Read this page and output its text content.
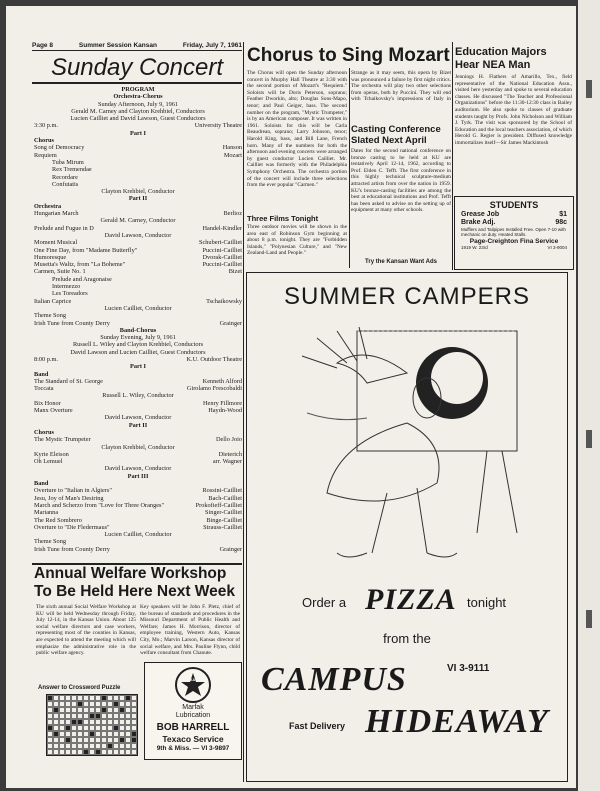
Page 8	Summer Session Kansan	Friday, July 7, 1961
Sunday Concert
PROGRAM
Orchestra-Chorus
Sunday Afternoon, July 9, 1961
Gerald M. Carney and Clayton Krehbiel, Conductors
Lucien Cailliet and David Lawson, Guest Conductors
3:30 p.m.	University Theatre
Part I
Chorus
Song of Democracy	Hanson
Requiem	Mozart
Tuba Mirum
Rex Tremendae
Recordare
Confutatis
Clayton Krehbiel, Conductor
Part II
Orchestra
Hungarian March	Berlioz
Gerald M. Carney, Conductor
Prelude and Fugue in D	Handel-Kindler
David Lawson, Conductor
Moment Musical	Schubert-Cailliet
One Fine Day, from "Madame Butterfly"	Puccini-Cailliet
Humoresque	Dvorak-Cailliet
Musetta's Waltz, from "La Boheme"	Puccini-Cailliet
Carmen, Suite No. 1	Bizet
Prelude and Aragonaise
Intermezzo
Les Toreadors
Italian Caprice	Tschaikowsky
Lucien Cailliet, Conductor
Theme Song
Irish Tune from County Derry	Grainger
Band-Chorus
Sunday Evening, July 9, 1961
Russell L. Wiley and Clayton Krehbiel, Conductors
David Lawson and Lucien Cailliet, Guest Conductors
8:00 p.m.	K.U. Outdoor Theatre
Part I
Band
The Standard of St. George	Kenneth Alford
Toccata	Girolamo Frescobaldi
Russell L. Wiley, Conductor
Bix Honor	Henry Fillmore
Manx Overture	Haydn-Wood
David Lawson, Conductor
Part II
Chorus
The Mystic Trumpeter	Dello Joio
Clayton Krehbiel, Conductor
Kyrie Eleison	Dieterich
Oh Lemuel	arr. Wagner
David Lawson, Conductor
Part III
Band
Overture to "Italian in Algiers"	Rossini-Cailliet
Jesu, Joy of Man's Desiring	Bach-Cailliet
March and Scherzo from "Love for Three Oranges"	Prokofieff-Cailliet
Marianna	Singer-Cailliet
The Red Sombrero	Binge-Cailliet
Overture to "Die Fledermaus"	Strauss-Cailliet
Lucien Cailliet, Conductor
Theme Song
Irish Tune from County Derry	Grainger
Annual Welfare Workshop
To Be Held Here Next Week
The sixth annual Social Welfare Workshop at KU will be held Wednesday through Friday, July 12-14, in the Kansas Union. About 125 social welfare directors and case workers, representing most of the counties in Kansas, are expected to attend the meeting which will emphasize the administrative role in the public welfare agency.
Key speakers will be John F. Pletz, chief of the bureau of standards and procedures in the Missouri Department of Public Health and Welfare; James H. Morrison, director of employee training, Western Auto, Kansas City, Mo.; Marvin Larson, Kansas director of social welfare, and Mrs. Pauline Flynn, child welfare consultant from Chanute.
Answer to Crossword Puzzle
TEXACO
Marfak
Lubrication
BOB HARRELL
Texaco Service
9th & Miss. — VI 3-9897
Chorus to Sing Mozart
The Chorus will open the Sunday afternoon concert in Murphy Hall Theatre at 3:30 with the second portion of Mozart's "Requiem." Soloists will be Doris Peterson, soprano; Feather Dworkin, alto; Douglas Sons-Mapo, tenor; and Paul Geiger, bass. The second number on the program, "Mystic Trumpeter," is by an American composer. It was written in 1961. Soloists for this will be Carla Beaudrean, soprano; Larry Johnson, tenor; Harold King, bass, and Bill Lane, French horn. Many of the numbers for both the afternoon and evening concerts were arranged by guest conductor Lucien Cailliet. Mr. Cailliet was formerly with the Philadelphia Symphony Orchestra. The orchestra portion of the concert will include three selections from the ever popular "Carmen."
Strange as it may seem, this opera by Bizet was pronounced a failure by first night critics. The orchestra will play two other selections from operas, both by Puccini. They will end with Tchaikovsky's impressions of Italy in
Casting Conference Slated Next April
Dates for the second national conference on bronze casting to be held at KU are tentatively April 12-14, 1962, according to Prof. Elden C. Tefft. The first conference in this highly technical sculpture-medium attracted artists from over the nation in 1959. KU's bronze-casting facilities are among the best at educational institutions and Prof. Tefft has been asked to advise on the setting up of equipment at many other schools.
Three Films Tonight
Three outdoor movies will be shown in the area east of Robinson Gym beginning at about 8 p.m. tonight. They are "Forbidden Islands," "Polynesian Culture," and "New Zealand-Land and People."
Try the Kansan Want Ads
Education Majors Hear NEA Man
Jennings H. Flathers of Amarillo, Tex., field representative of the National Education Assn., visited here yesterday and spoke to several education classes. He discussed "The Teacher and Professional Organizations" before the 11:30-12:30 class in Bailey auditorium. He also spoke to classes of graduate students taught by Profs. John Nicholson and William J. Tyrk. The visit was sponsored by the School of Education and the local teachers association, of which Herold G. Regier is president. Diffused knowledge immortalizes itself—Sir James Mackintosh
STUDENTS
Grease Job	$1
Brake Adj.	98c
Mufflers and Tailpipes Installed Free. Open 7-10 with mechanic on duty. Heated Stalls.
Page-Creighton Fina Service
1919 W. 23rd	VI 3-9004
SUMMER CAMPERS
Order a PIZZA tonight
from the
CAMPUS	VI 3-9111
Fast Delivery HIDEAWAY
